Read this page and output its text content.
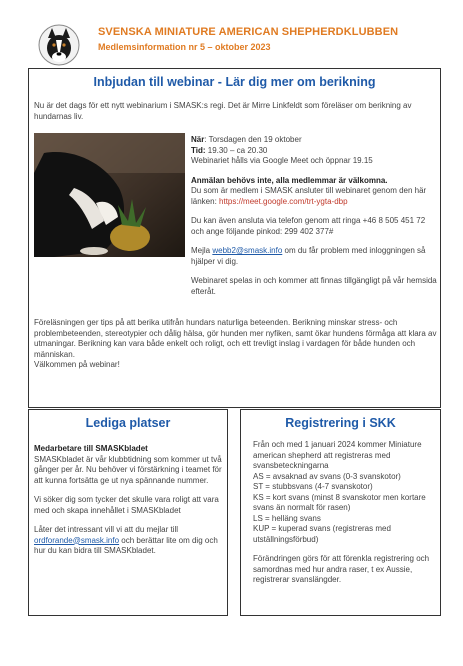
SVENSKA MINIATURE AMERICAN SHEPHERDKLUBBEN
Medlemsinformation nr 5 – oktober 2023
Inbjudan till webinar - Lär dig mer om berikning

Nu är det dags för ett nytt webinarium i SMASK:s regi. Det är Mirre Linkfeldt som föreläser om berikning av hundarnas liv.

När: Torsdagen den 19 oktober
Tid: 19.30 – ca 20.30
Webinariet hålls via Google Meet och öppnar 19.15

Anmälan behövs inte, alla medlemmar är välkomna.
Du som är medlem i SMASK ansluter till webinaret genom den här länken: https://meet.google.com/trt-ygta-dbp

Du kan även ansluta via telefon genom att ringa +46 8 505 451 72 och ange följande pinkod: 299 402 377#

Mejla webb2@smask.info om du får problem med inloggningen så hjälper vi dig.

Webinaret spelas in och kommer att finnas tillgängligt på vår hemsida efteråt.

Föreläsningen ger tips på att berika utifrån hundars naturliga beteenden. Berikning minskar stress- och problembeteenden, stereotypier och dålig hälsa, gör hunden mer nyfiken, samt ökar hundens förmåga att klara av utmaningar. Berikning kan vara både enkelt och roligt, och ett trevligt inslag i vardagen för både hunden och människan.

Välkommen på webinar!

Lediga platser

Medarbetare till SMASKbladet
SMASKbladet är vår klubbtidning som kommer ut två gånger per år. Nu behöver vi förstärkning i teamet för att kunna fortsätta ge ut nya spännande nummer.

Vi söker dig som tycker det skulle vara roligt att vara med och skapa innehållet i SMASKbladet

Låter det intressant vill vi att du mejlar till ordforande@smask.info och berättar lite om dig och hur du kan bidra till SMASKbladet.

Registrering i SKK

Från och med 1 januari 2024 kommer Miniature american shepherd att registreras med svansbeteckningarna
AS = avsaknad av svans (0-3 svanskotor)
ST = stubbsvans (4-7 svanskotor)
KS = kort svans (minst 8 svanskotor men kortare svans än normalt för rasen)
LS = helläng svans
KUP = kuperad svans (registreras med utställningsförbud)

Förändringen görs för att förenkla registrering och samordnas med hur andra raser, t ex Aussie, registrerar svanslängder.
